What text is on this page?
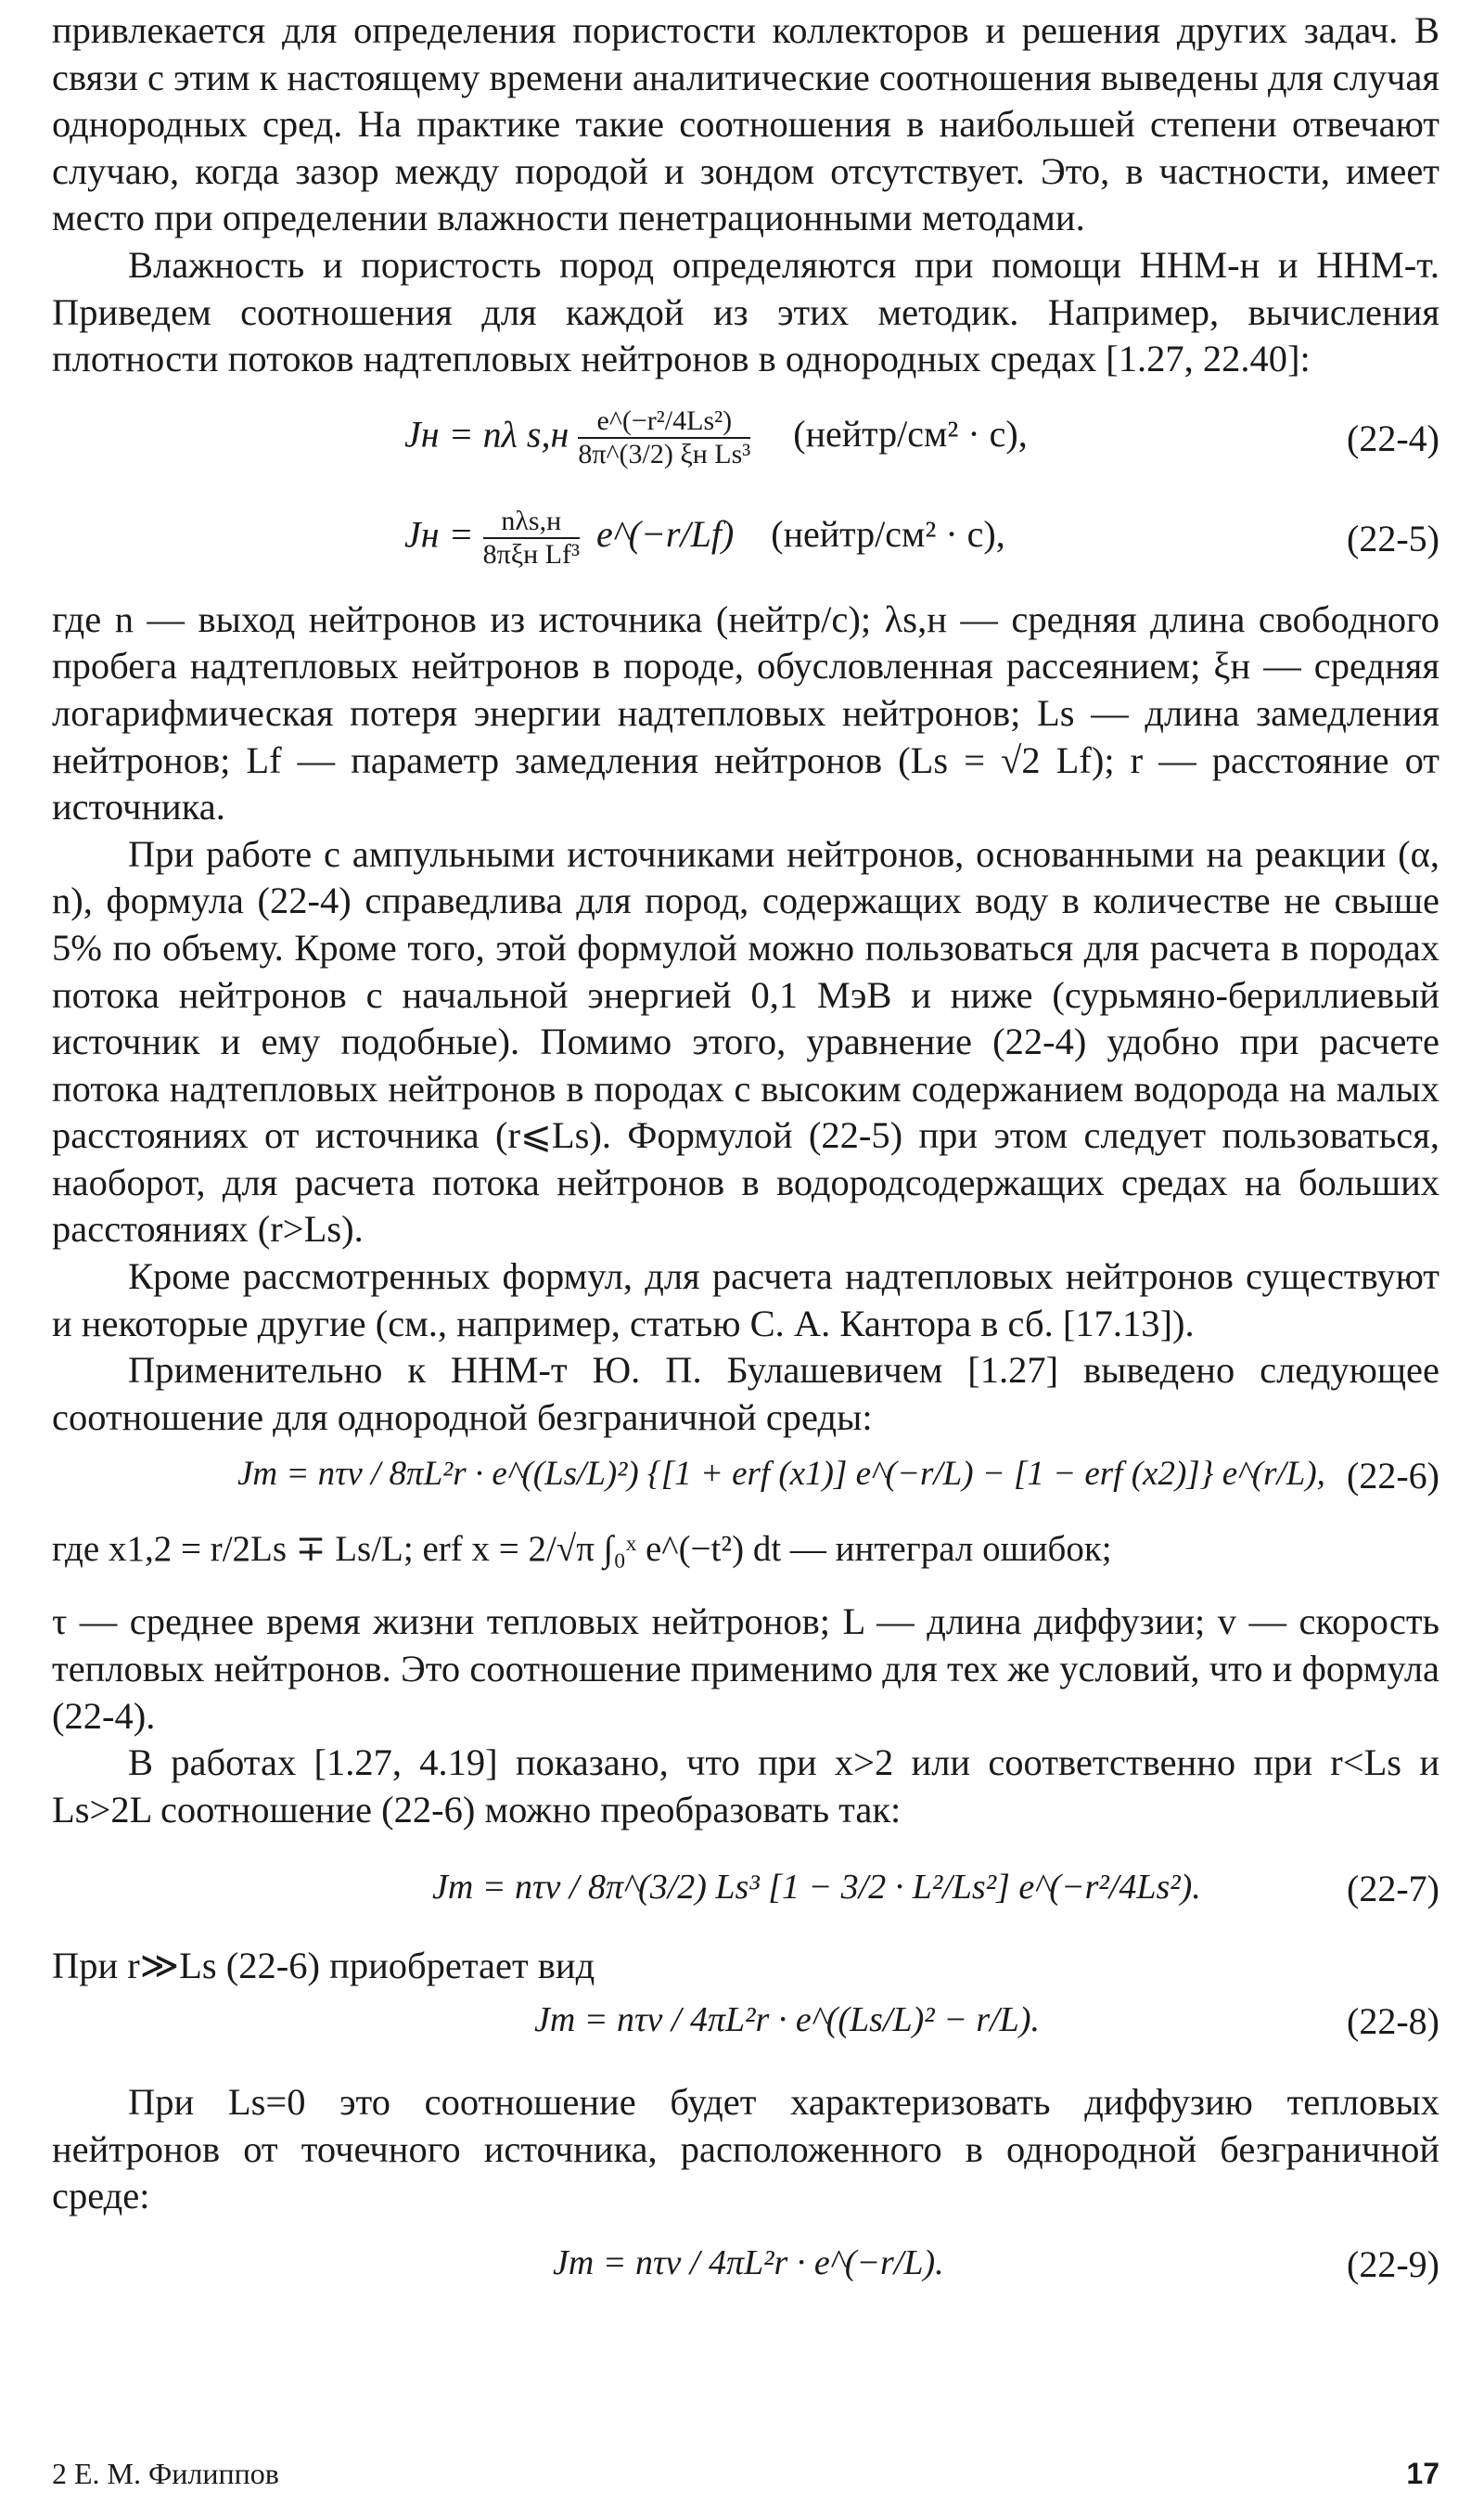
привлекается для определения пористости коллекторов и решения других задач. В связи с этим к настоящему времени аналитические соотношения выведены для случая однородных сред. На практике такие соотношения в наибольшей степени отвечают случаю, когда зазор между породой и зондом отсутствует. Это, в частности, имеет место при определении влажности пенетрационными методами.

Влажность и пористость пород определяются при помощи ННМ-н и ННМ-т. Приведем соотношения для каждой из этих методик. Например, вычисления плотности потоков надтепловых нейтронов в однородных средах [1.27, 22.40]:

Jн = nλ $s,н \frac{\text{e\textasciicircum{}(−r²/4Ls²)}}{\text{8π\textasciicircum{}(3/2) ξн Ls³}}$ (нейтр/см² · с),	(22-4)
Jн = $\frac{\text{nλs,н}}{\text{8πξн Lf³}}$ e^(−r/Lf) (нейтр/см² · с),	(22-5)

где n — выход нейтронов из источника (нейтр/с); λs,н — средняя длина свободного пробега надтепловых нейтронов в породе, обусловленная рассеянием; ξн — средняя логарифмическая потеря энергии надтепловых нейтронов; Ls — длина замедления нейтронов; Lf — параметр замедления нейтронов (Ls = √2 Lf); r — расстояние от источника.

При работе с ампульными источниками нейтронов, основанными на реакции (α, n), формула (22-4) справедлива для пород, содержащих воду в количестве не свыше 5% по объему. Кроме того, этой формулой можно пользоваться для расчета в породах потока нейтронов с начальной энергией 0,1 МэВ и ниже (сурьмяно-бериллиевый источник и ему подобные). Помимо этого, уравнение (22-4) удобно при расчете потока надтепловых нейтронов в породах с высоким содержанием водорода на малых расстояниях от источника (r⩽Ls). Формулой (22-5) при этом следует пользоваться, наоборот, для расчета потока нейтронов в водородсодержащих средах на больших расстояниях (r>Ls).

Кроме рассмотренных формул, для расчета надтепловых нейтронов существуют и некоторые другие (см., например, статью С. А. Кантора в сб. [17.13]).

Применительно к ННМ-т Ю. П. Булашевичем [1.27] выведено следующее соотношение для однородной безграничной среды:

Jт = nτv / 8πL²r · e^((Ls/L)²) {[1 + erf (x1)] e^(−r/L) − [1 − erf (x2)]} e^(r/L), (22-6)
где x1,2 = r/2Ls ∓ Ls/L; erf x = 2/√π ∫₀ˣ e^(−t²) dt — интеграл ошибок;

τ — среднее время жизни тепловых нейтронов; L — длина диффузии; v — скорость тепловых нейтронов. Это соотношение применимо для тех же условий, что и формула (22-4).

В работах [1.27, 4.19] показано, что при x>2 или соответственно при r<Ls и Ls>2L соотношение (22-6) можно преобразовать так:

Jт = nτv / 8π^(3/2) Ls³ [1 − 3/2 · L²/Ls²] e^(−r²/4Ls²).	(22-7)

При r≫Ls (22-6) приобретает вид

Jт = nτv / 4πL²r · e^((Ls/L)² − r/L).	(22-8)

При Ls=0 это соотношение будет характеризовать диффузию тепловых нейтронов от точечного источника, расположенного в однородной безграничной среде:

Jт = nτv / 4πL²r · e^(−r/L).	(22-9)
2 Е. М. Филиппов	17
